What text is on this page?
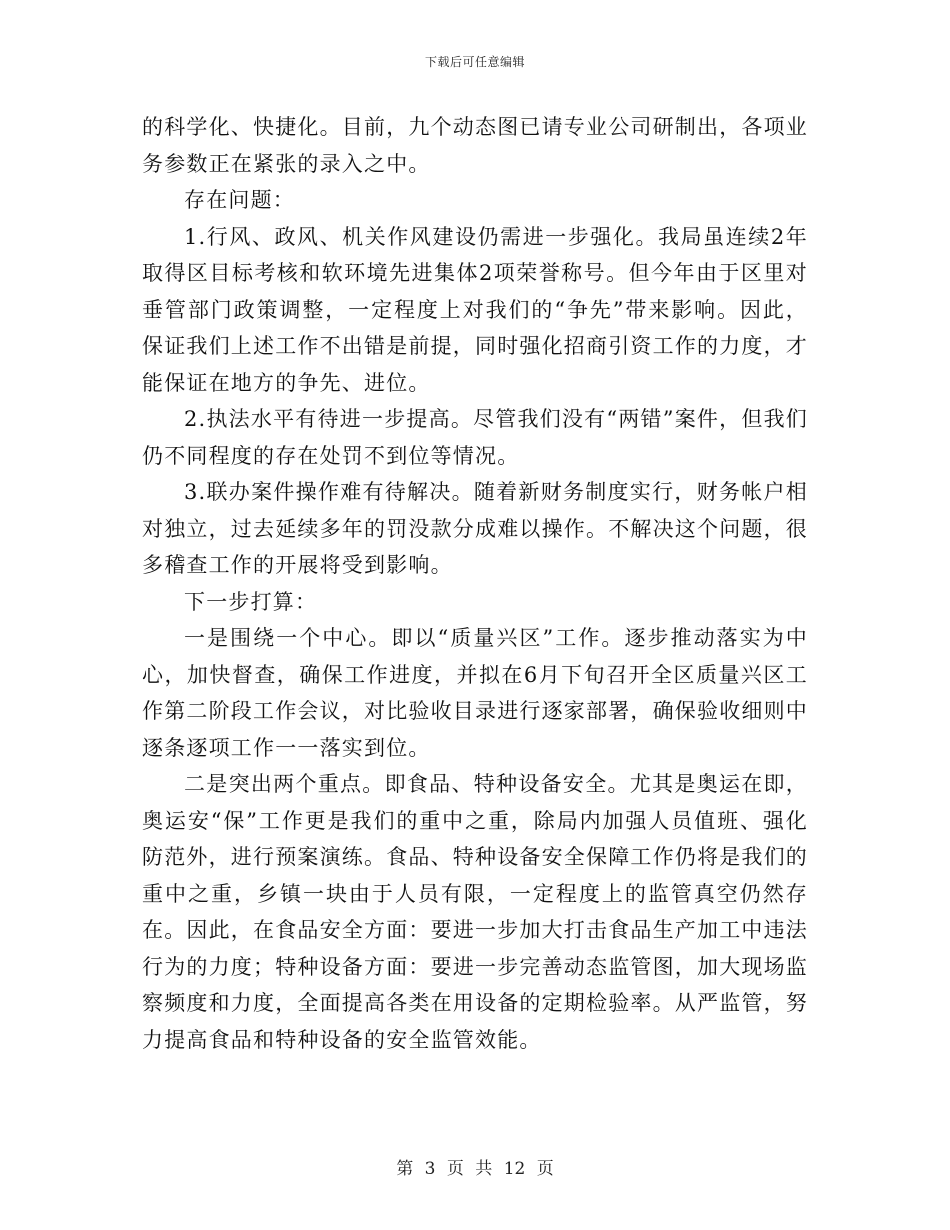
下载后可任意编辑

的科学化、快捷化。目前，九个动态图已请专业公司研制出，各项业务参数正在紧张的录入之中。

存在问题：

1.行风、政风、机关作风建设仍需进一步强化。我局虽连续2年取得区目标考核和软环境先进集体2项荣誉称号。但今年由于区里对垂管部门政策调整，一定程度上对我们的“争先”带来影响。因此，保证我们上述工作不出错是前提，同时强化招商引资工作的力度，才能保证在地方的争先、进位。

2.执法水平有待进一步提高。尽管我们没有“两错”案件，但我们仍不同程度的存在处罚不到位等情况。

3.联办案件操作难有待解决。随着新财务制度实行，财务帐户相对独立，过去延续多年的罚没款分成难以操作。不解决这个问题，很多稽查工作的开展将受到影响。

下一步打算：

一是围绕一个中心。即以“质量兴区”工作。逐步推动落实为中心，加快督查，确保工作进度，并拟在6月下旬召开全区质量兴区工作第二阶段工作会议，对比验收目录进行逐家部署，确保验收细则中逐条逐项工作一一落实到位。

二是突出两个重点。即食品、特种设备安全。尤其是奥运在即，奥运安“保”工作更是我们的重中之重，除局内加强人员值班、强化防范外，进行预案演练。食品、特种设备安全保障工作仍将是我们的重中之重，乡镇一块由于人员有限，一定程度上的监管真空仍然存在。因此，在食品安全方面：要进一步加大打击食品生产加工中违法行为的力度；特种设备方面：要进一步完善动态监管图，加大现场监察频度和力度，全面提高各类在用设备的定期检验率。从严监管，努力提高食品和特种设备的安全监管效能。

第 3 页 共 12 页
